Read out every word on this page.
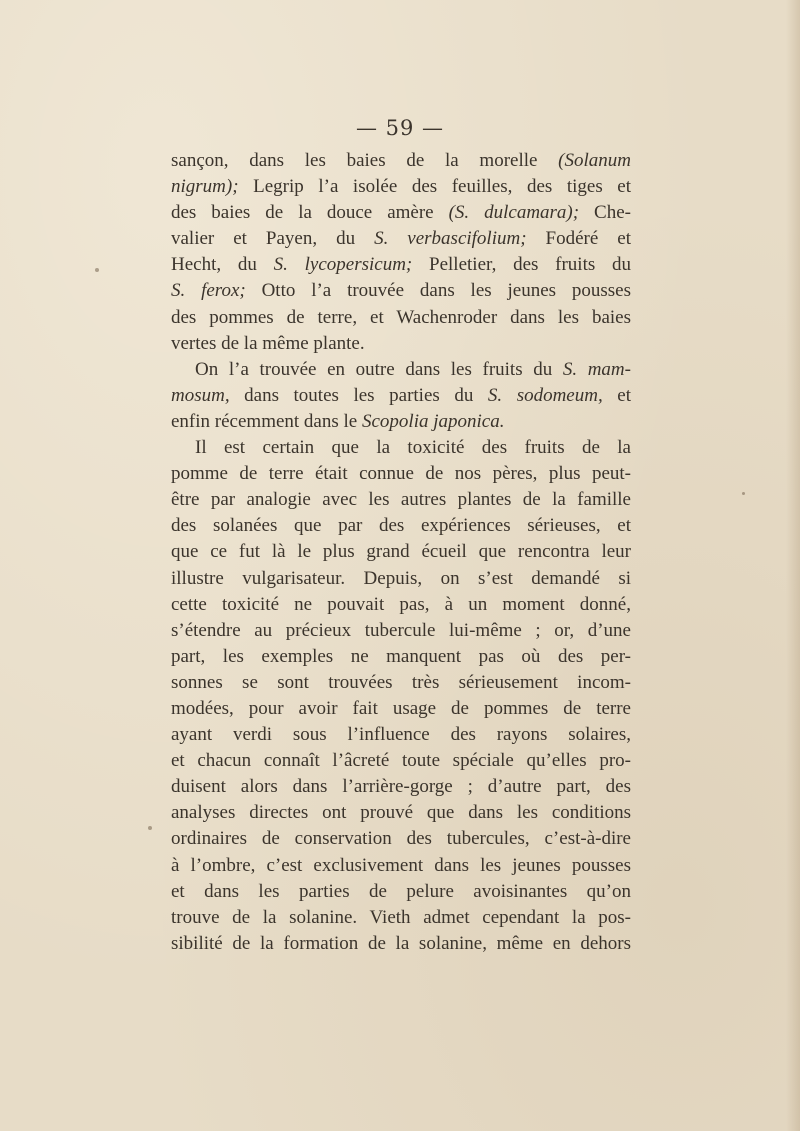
— 59 —
sançon, dans les baies de la morelle (Solanum
nigrum); Legrip l’a isolée des feuilles, des tiges et
des baies de la douce amère (S. dulcamara); Che-
valier et Payen, du S. verbascifolium; Fodéré et
Hecht, du S. lycopersicum; Pelletier, des fruits du
S. ferox; Otto l’a trouvée dans les jeunes pousses
des pommes de terre, et Wachenroder dans les baies
vertes de la même plante.
On l’a trouvée en outre dans les fruits du S. mam-
mosum, dans toutes les parties du S. sodomeum, et
enfin récemment dans le Scopolia japonica.
Il est certain que la toxicité des fruits de la
pomme de terre était connue de nos pères, plus peut-
être par analogie avec les autres plantes de la famille
des solanées que par des expériences sérieuses, et
que ce fut là le plus grand écueil que rencontra leur
illustre vulgarisateur. Depuis, on s’est demandé si
cette toxicité ne pouvait pas, à un moment donné,
s’étendre au précieux tubercule lui-même ; or, d’une
part, les exemples ne manquent pas où des per-
sonnes se sont trouvées très sérieusement incom-
modées, pour avoir fait usage de pommes de terre
ayant verdi sous l’influence des rayons solaires,
et chacun connaît l’âcreté toute spéciale qu’elles pro-
duisent alors dans l’arrière-gorge ; d’autre part, des
analyses directes ont prouvé que dans les conditions
ordinaires de conservation des tubercules, c’est-à-dire
à l’ombre, c’est exclusivement dans les jeunes pousses
et dans les parties de pelure avoisinantes qu’on
trouve de la solanine. Vieth admet cependant la pos-
sibilité de la formation de la solanine, même en dehors
